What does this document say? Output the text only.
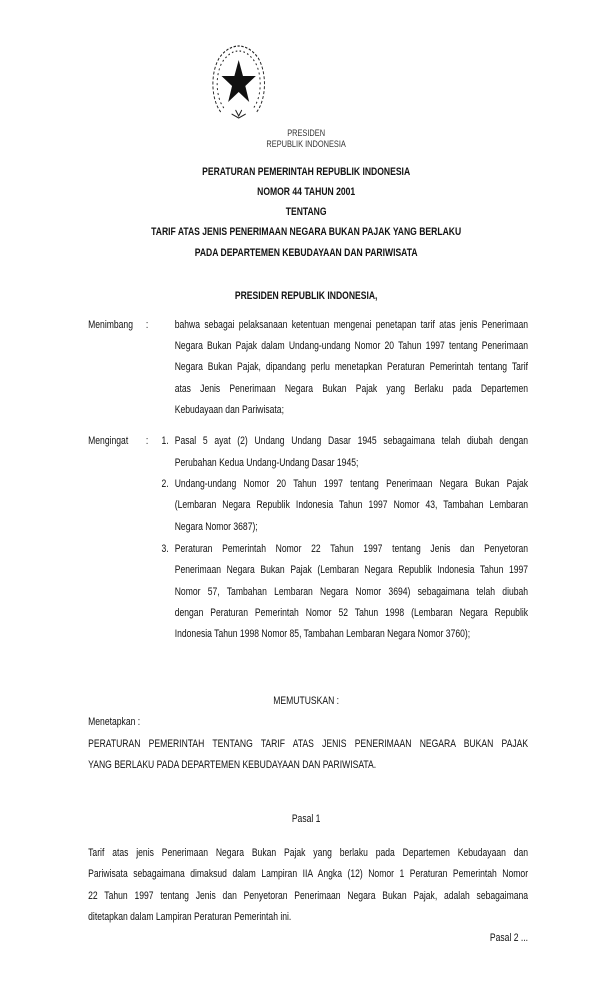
PRESIDEN
REPUBLIK INDONESIA
PERATURAN PEMERINTAH REPUBLIK INDONESIA
NOMOR 44 TAHUN 2001
TENTANG
TARIF ATAS JENIS PENERIMAAN NEGARA BUKAN PAJAK YANG BERLAKU
PADA DEPARTEMEN KEBUDAYAAN DAN PARIWISATA
PRESIDEN REPUBLIK INDONESIA,
Menimbang : bahwa sebagai pelaksanaan ketentuan mengenai penetapan tarif atas jenis Penerimaan
Negara Bukan Pajak dalam Undang-undang Nomor 20 Tahun 1997 tentang Penerimaan
Negara Bukan Pajak, dipandang perlu menetapkan Peraturan Pemerintah tentang Tarif
atas Jenis Penerimaan Negara Bukan Pajak yang Berlaku pada Departemen
Kebudayaan dan Pariwisata;
Mengingat : 1. Pasal 5 ayat (2) Undang Undang Dasar 1945 sebagaimana telah diubah dengan
Perubahan Kedua Undang-Undang Dasar 1945;
2. Undang-undang Nomor 20 Tahun 1997 tentang Penerimaan Negara Bukan Pajak
(Lembaran Negara Republik Indonesia Tahun 1997 Nomor 43, Tambahan Lembaran
Negara Nomor 3687);
3. Peraturan Pemerintah Nomor 22 Tahun 1997 tentang Jenis dan Penyetoran
Penerimaan Negara Bukan Pajak (Lembaran Negara Republik Indonesia Tahun 1997
Nomor 57, Tambahan Lembaran Negara Nomor 3694) sebagaimana telah diubah
dengan Peraturan Pemerintah Nomor 52 Tahun 1998 (Lembaran Negara Republik
Indonesia Tahun 1998 Nomor 85, Tambahan Lembaran Negara Nomor 3760);
MEMUTUSKAN :
Menetapkan :
PERATURAN PEMERINTAH TENTANG TARIF ATAS JENIS PENERIMAAN NEGARA BUKAN PAJAK
YANG BERLAKU PADA DEPARTEMEN KEBUDAYAAN DAN PARIWISATA.
Pasal 1
Tarif atas jenis Penerimaan Negara Bukan Pajak yang berlaku pada Departemen Kebudayaan dan
Pariwisata sebagaimana dimaksud dalam Lampiran IIA Angka (12) Nomor 1 Peraturan Pemerintah Nomor
22 Tahun 1997 tentang Jenis dan Penyetoran Penerimaan Negara Bukan Pajak, adalah sebagaimana
ditetapkan dalam Lampiran Peraturan Pemerintah ini.
Pasal 2 ...
